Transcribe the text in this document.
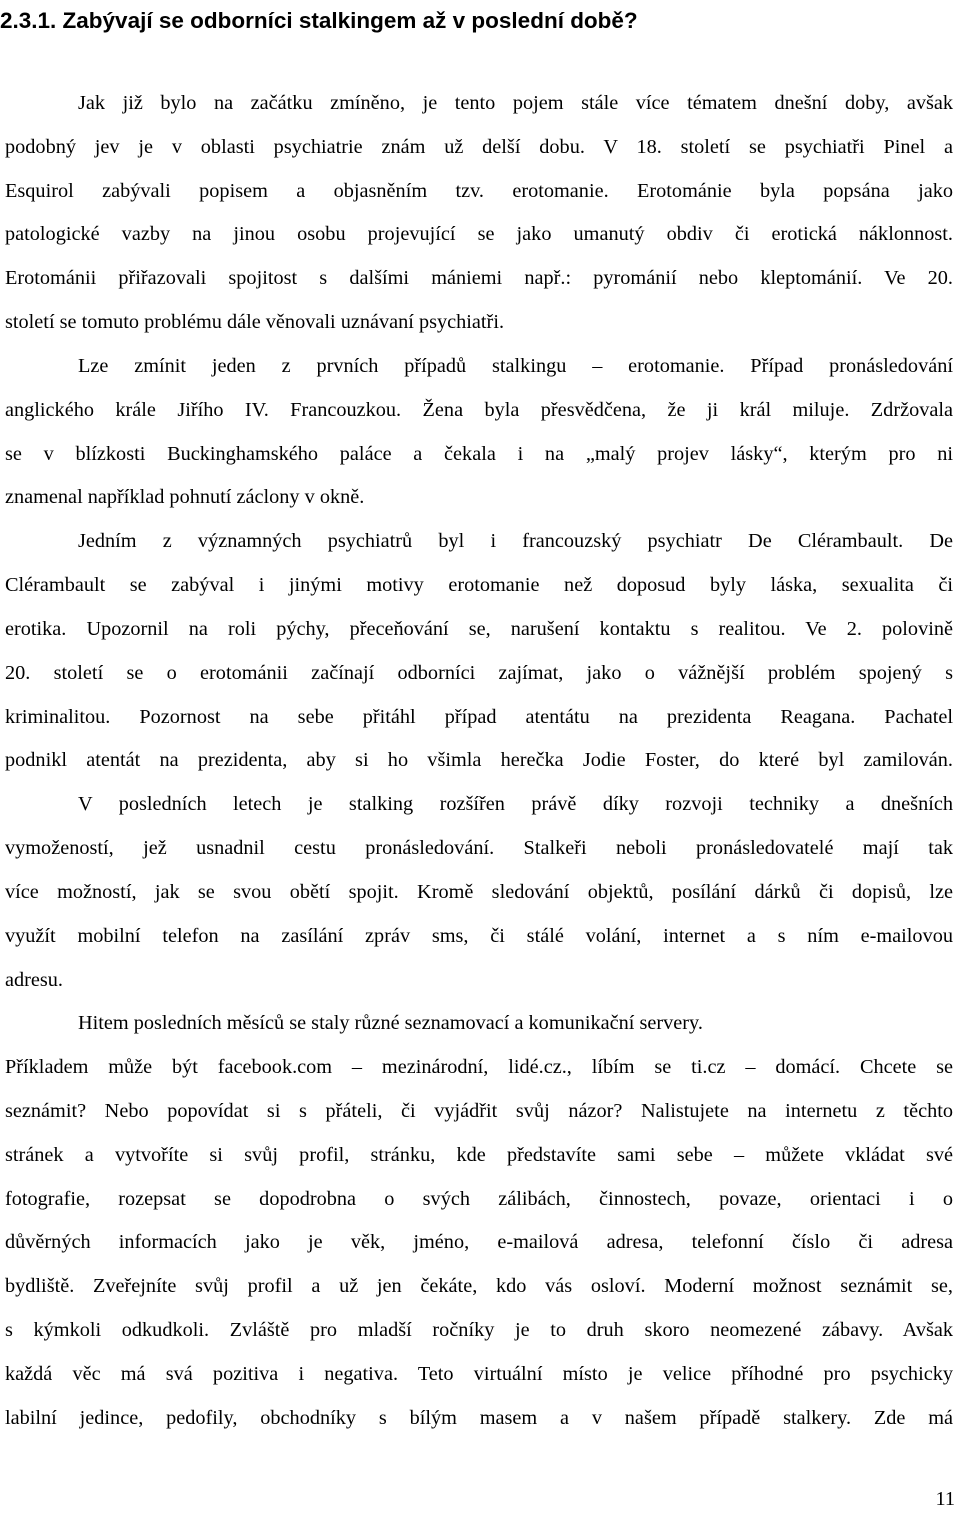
2.3.1. Zabývají se odborníci stalkingem až v poslední době?
Jak již bylo na začátku zmíněno, je tento pojem stále více tématem dnešní doby, avšak
podobný jev je v oblasti psychiatrie znám už delší dobu. V 18. století se psychiatři Pinel a
Esquirol zabývali popisem a objasněním tzv. erotomanie. Erotománie byla popsána jako
patologické vazby na jinou osobu projevující se jako umanutý obdiv či erotická náklonnost.
Erotománii přiřazovali spojitost s dalšími mániemi např.: pyrománií nebo kleptománií. Ve 20.
století se tomuto problému dále věnovali uznávaní psychiatři.
Lze zmínit jeden z prvních případů stalkingu – erotomanie. Případ pronásledování
anglického krále Jiřího IV. Francouzkou. Žena byla přesvědčena, že ji král miluje. Zdržovala
se v blízkosti Buckinghamského paláce a čekala i na „malý projev lásky“, kterým pro ni
znamenal například pohnutí záclony v okně.
Jedním z významných psychiatrů byl i francouzský psychiatr De Clérambault. De
Clérambault se zabýval i jinými motivy erotomanie než doposud byly láska, sexualita či
erotika. Upozornil na roli pýchy, přeceňování se, narušení kontaktu s realitou. Ve 2. polovině
20. století se o erotománii začínají odborníci zajímat, jako o vážnější problém spojený s
kriminalitou. Pozornost na sebe přitáhl případ atentátu na prezidenta Reagana. Pachatel
podnikl atentát na prezidenta, aby si ho všimla herečka Jodie Foster, do které byl zamilován.
V posledních letech je stalking rozšířen právě díky rozvoji techniky a dnešních
vymožeností, jež usnadnil cestu pronásledování. Stalkeři neboli pronásledovatelé mají tak
více možností, jak se svou obětí spojit. Kromě sledování objektů, posílání dárků či dopisů, lze
využít mobilní telefon na zasílání zpráv sms, či stálé volání, internet a s ním e-mailovou
adresu.
Hitem posledních měsíců se staly různé seznamovací a komunikační servery.
Příkladem může být facebook.com – mezinárodní, lidé.cz., líbím se ti.cz – domácí. Chcete se
seznámit? Nebo popovídat si s přáteli, či vyjádřit svůj názor? Nalistujete na internetu z těchto
stránek a vytvoříte si svůj profil, stránku, kde představíte sami sebe – můžete vkládat své
fotografie, rozepsat se dopodrobna o svých zálibách, činnostech, povaze, orientaci i o
důvěrných informacích jako je věk, jméno, e-mailová adresa, telefonní číslo či adresa
bydliště. Zveřejníte svůj profil a už jen čekáte, kdo vás osloví. Moderní možnost seznámit se,
s kýmkoli odkudkoli. Zvláště pro mladší ročníky je to druh skoro neomezené zábavy. Avšak
každá věc má svá pozitiva i negativa. Teto virtuální místo je velice příhodné pro psychicky
labilní jedince, pedofily, obchodníky s bílým masem a v našem případě stalkery. Zde má
11
